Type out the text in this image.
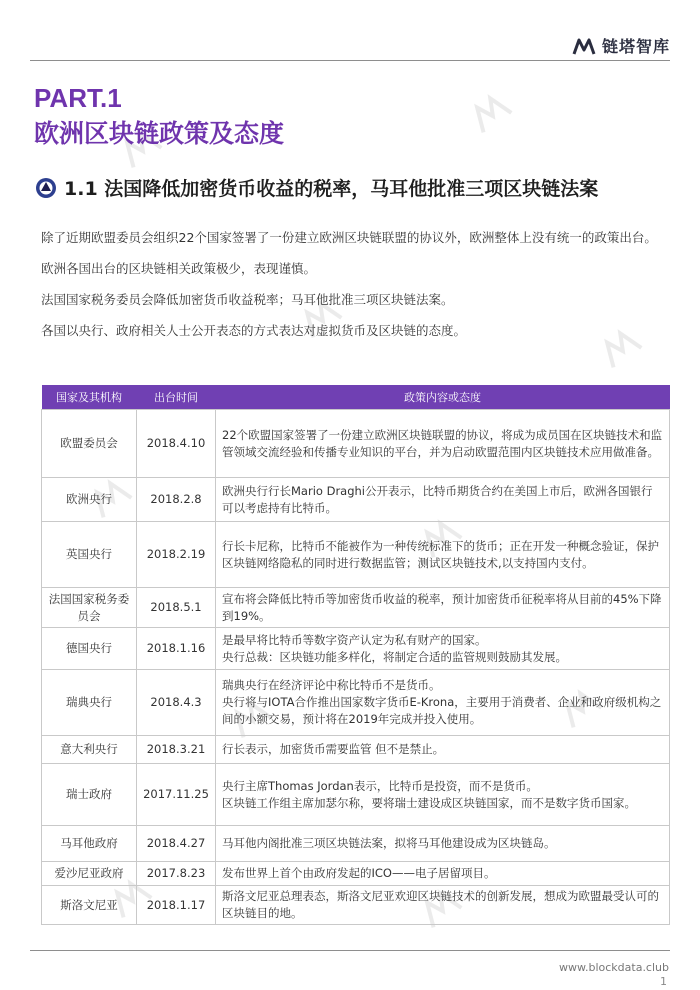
链塔智库
PART.1
欧洲区块链政策及态度
1.1 法国降低加密货币收益的税率，马耳他批准三项区块链法案

除了近期欧盟委员会组织22个国家签署了一份建立欧洲区块链联盟的协议外，欧洲整体上没有统一的政策出台。

欧洲各国出台的区块链相关政策极少，表现谨慎。

法国国家税务委员会降低加密货币收益税率；马耳他批准三项区块链法案。

各国以央行、政府相关人士公开表态的方式表达对虚拟货币及区块链的态度。

国家及其机构	出台时间	政策内容或态度
欧盟委员会	2018.4.10	22个欧盟国家签署了一份建立欧洲区块链联盟的协议，将成为成员国在区块链技术和监管领域交流经验和传播专业知识的平台，并为启动欧盟范围内区块链技术应用做准备。
欧洲央行	2018.2.8	欧洲央行行长Mario Draghi公开表示，比特币期货合约在美国上市后，欧洲各国银行可以考虑持有比特币。
英国央行	2018.2.19	行长卡尼称，比特币不能被作为一种传统标准下的货币；正在开发一种概念验证，保护区块链网络隐私的同时进行数据监管；测试区块链技术,以支持国内支付。
法国国家税务委员会	2018.5.1	宣布将会降低比特币等加密货币收益的税率，预计加密货币征税率将从目前的45%下降到19%。
德国央行	2018.1.16	是最早将比特币等数字资产认定为私有财产的国家。
央行总裁：区块链功能多样化，将制定合适的监管规则鼓励其发展。
瑞典央行	2018.4.3	瑞典央行在经济评论中称比特币不是货币。
央行将与IOTA合作推出国家数字货币E-Krona，主要用于消费者、企业和政府级机构之间的小额交易，预计将在2019年完成并投入使用。
意大利央行	2018.3.21	行长表示，加密货币需要监管 但不是禁止。
瑞士政府	2017.11.25	央行主席Thomas Jordan表示，比特币是投资，而不是货币。
区块链工作组主席加瑟尔称，要将瑞士建设成区块链国家，而不是数字货币国家。
马耳他政府	2018.4.27	马耳他内阁批准三项区块链法案，拟将马耳他建设成为区块链岛。
爱沙尼亚政府	2017.8.23	发布世界上首个由政府发起的ICO——电子居留项目。
斯洛文尼亚	2018.1.17	斯洛文尼亚总理表态，斯洛文尼亚欢迎区块链技术的创新发展，想成为欧盟最受认可的区块链目的地。
www.blockdata.club
1
